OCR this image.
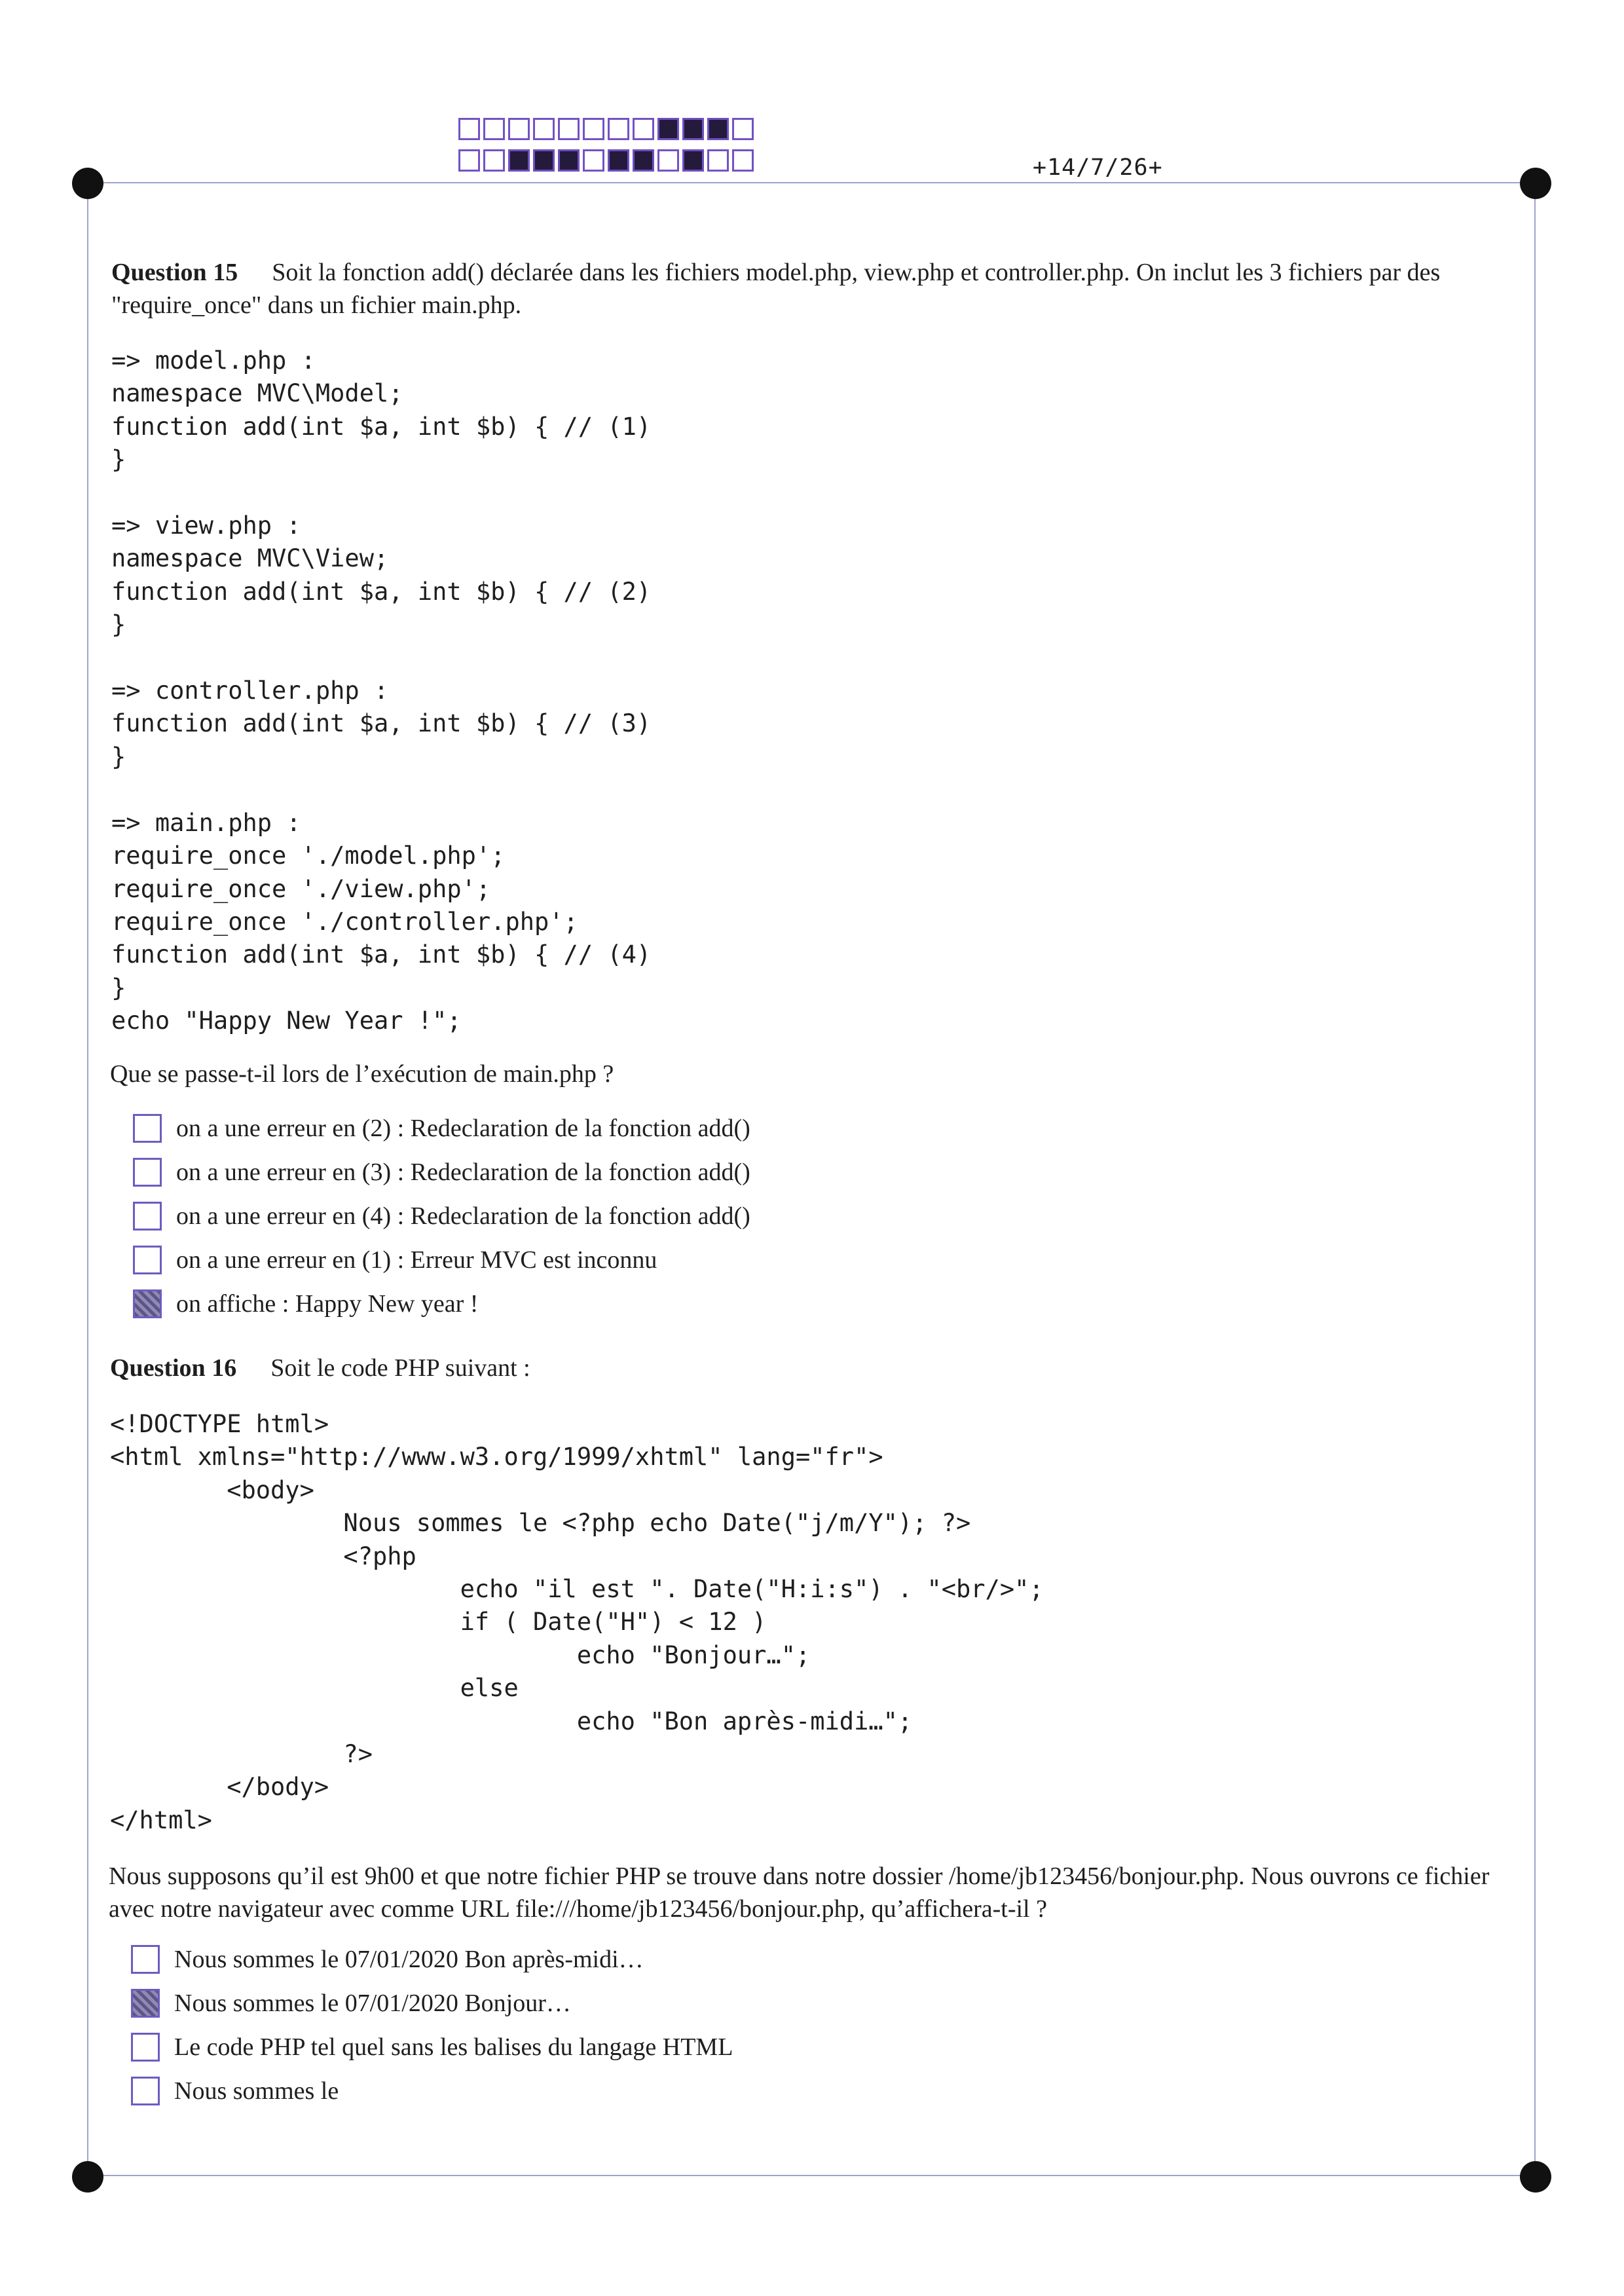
+14/7/26+
Question 15 Soit la fonction add() déclarée dans les fichiers model.php, view.php et controller.php. On inclut les 3 fichiers par des "require_once" dans un fichier main.php.
=> model.php :
namespace MVC\Model;
function add(int $a, int $b) { // (1)
}

=> view.php :
namespace MVC\View;
function add(int $a, int $b) { // (2)
}

=> controller.php :
function add(int $a, int $b) { // (3)
}

=> main.php :
require_once './model.php';
require_once './view.php';
require_once './controller.php';
function add(int $a, int $b) { // (4)
}
echo "Happy New Year !";

Que se passe-t-il lors de l’exécution de main.php ?
on a une erreur en (2) : Redeclaration de la fonction add()
on a une erreur en (3) : Redeclaration de la fonction add()
on a une erreur en (4) : Redeclaration de la fonction add()
on a une erreur en (1) : Erreur MVC est inconnu
on affiche : Happy New year !
Question 16 Soit le code PHP suivant :
<!DOCTYPE html>
<html xmlns="http://www.w3.org/1999/xhtml" lang="fr">
<body>
Nous sommes le <?php echo Date("j/m/Y"); ?>
<?php
echo "il est ". Date("H:i:s") . "<br/>";
if ( Date("H") < 12 )
echo "Bonjour…";
else
echo "Bon après-midi…";
?>
</body>
</html>

Nous supposons qu’il est 9h00 et que notre fichier PHP se trouve dans notre dossier /home/jb123456/bonjour.php. Nous ouvrons ce fichier avec notre navigateur avec comme URL file:///home/jb123456/bonjour.php, qu’affichera-t-il ?
Nous sommes le 07/01/2020 Bon après-midi…
Nous sommes le 07/01/2020 Bonjour…
Le code PHP tel quel sans les balises du langage HTML
Nous sommes le
